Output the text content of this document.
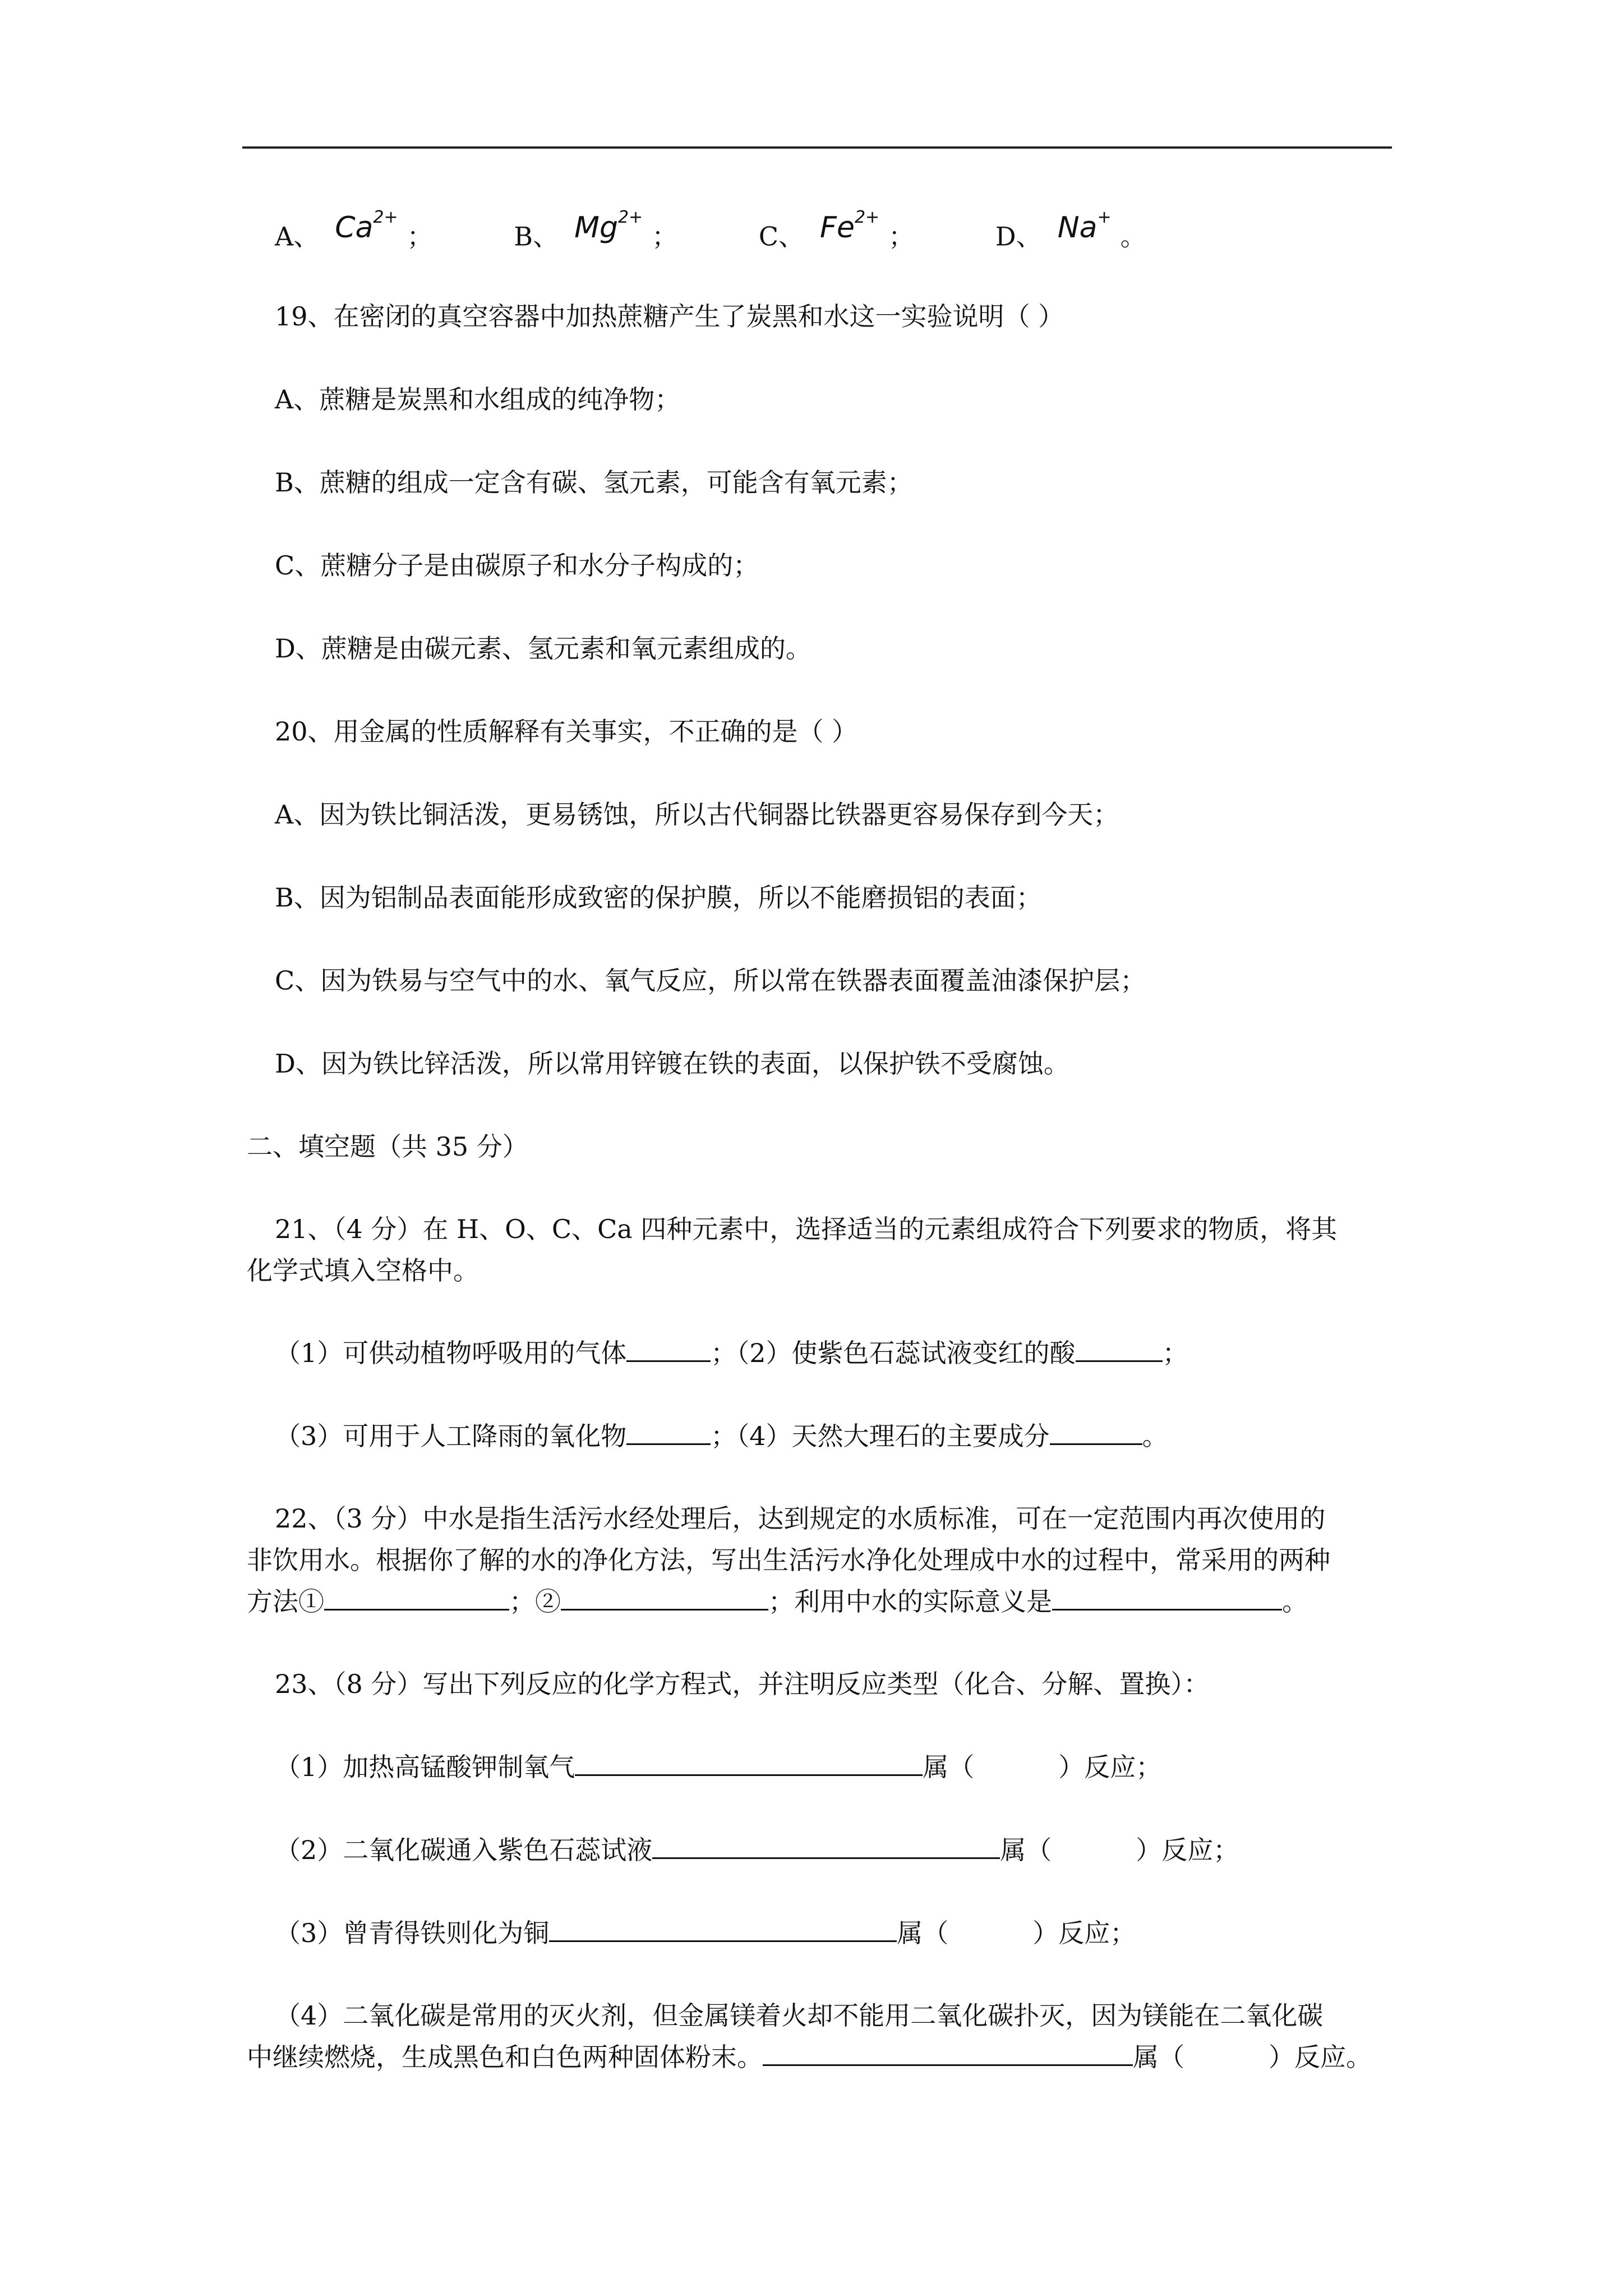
A、 $Ca^{2+}$；	B、 $Mg^{2+}$；	C、 $Fe^{2+}$；	D、 Na+。
19、在密闭的真空容器中加热蔗糖产生了炭黑和水这一实验说明（ ）
A、蔗糖是炭黑和水组成的纯净物；
B、蔗糖的组成一定含有碳、氢元素，可能含有氧元素；
C、蔗糖分子是由碳原子和水分子构成的；
D、蔗糖是由碳元素、氢元素和氧元素组成的。
20、用金属的性质解释有关事实，不正确的是（ ）
A、因为铁比铜活泼，更易锈蚀，所以古代铜器比铁器更容易保存到今天；
B、因为铝制品表面能形成致密的保护膜，所以不能磨损铝的表面；
C、因为铁易与空气中的水、氧气反应，所以常在铁器表面覆盖油漆保护层；
D、因为铁比锌活泼，所以常用锌镀在铁的表面，以保护铁不受腐蚀。
二、填空题（共 35 分）
21、（4 分）在 H、O、C、Ca 四种元素中，选择适当的元素组成符合下列要求的物质，将其
化学式填入空格中。
（1）可供动植物呼吸用的气体	；（2）使紫色石蕊试液变红的酸	；
（3）可用于人工降雨的氧化物	；（4）天然大理石的主要成分	。
22、（3 分）中水是指生活污水经处理后，达到规定的水质标准，可在一定范围内再次使用的
非饮用水。根据你了解的水的净化方法，写出生活污水净化处理成中水的过程中，常采用的两种
方法①	；②	；利用中水的实际意义是	。
23、（8 分）写出下列反应的化学方程式，并注明反应类型（化合、分解、置换）：
（1）加热高锰酸钾制氧气	属（	）反应；
（2）二氧化碳通入紫色石蕊试液	属（	）反应；
（3）曾青得铁则化为铜	属（	）反应；
（4）二氧化碳是常用的灭火剂，但金属镁着火却不能用二氧化碳扑灭，因为镁能在二氧化碳
中继续燃烧，生成黑色和白色两种固体粉末。	属（	）反应。
